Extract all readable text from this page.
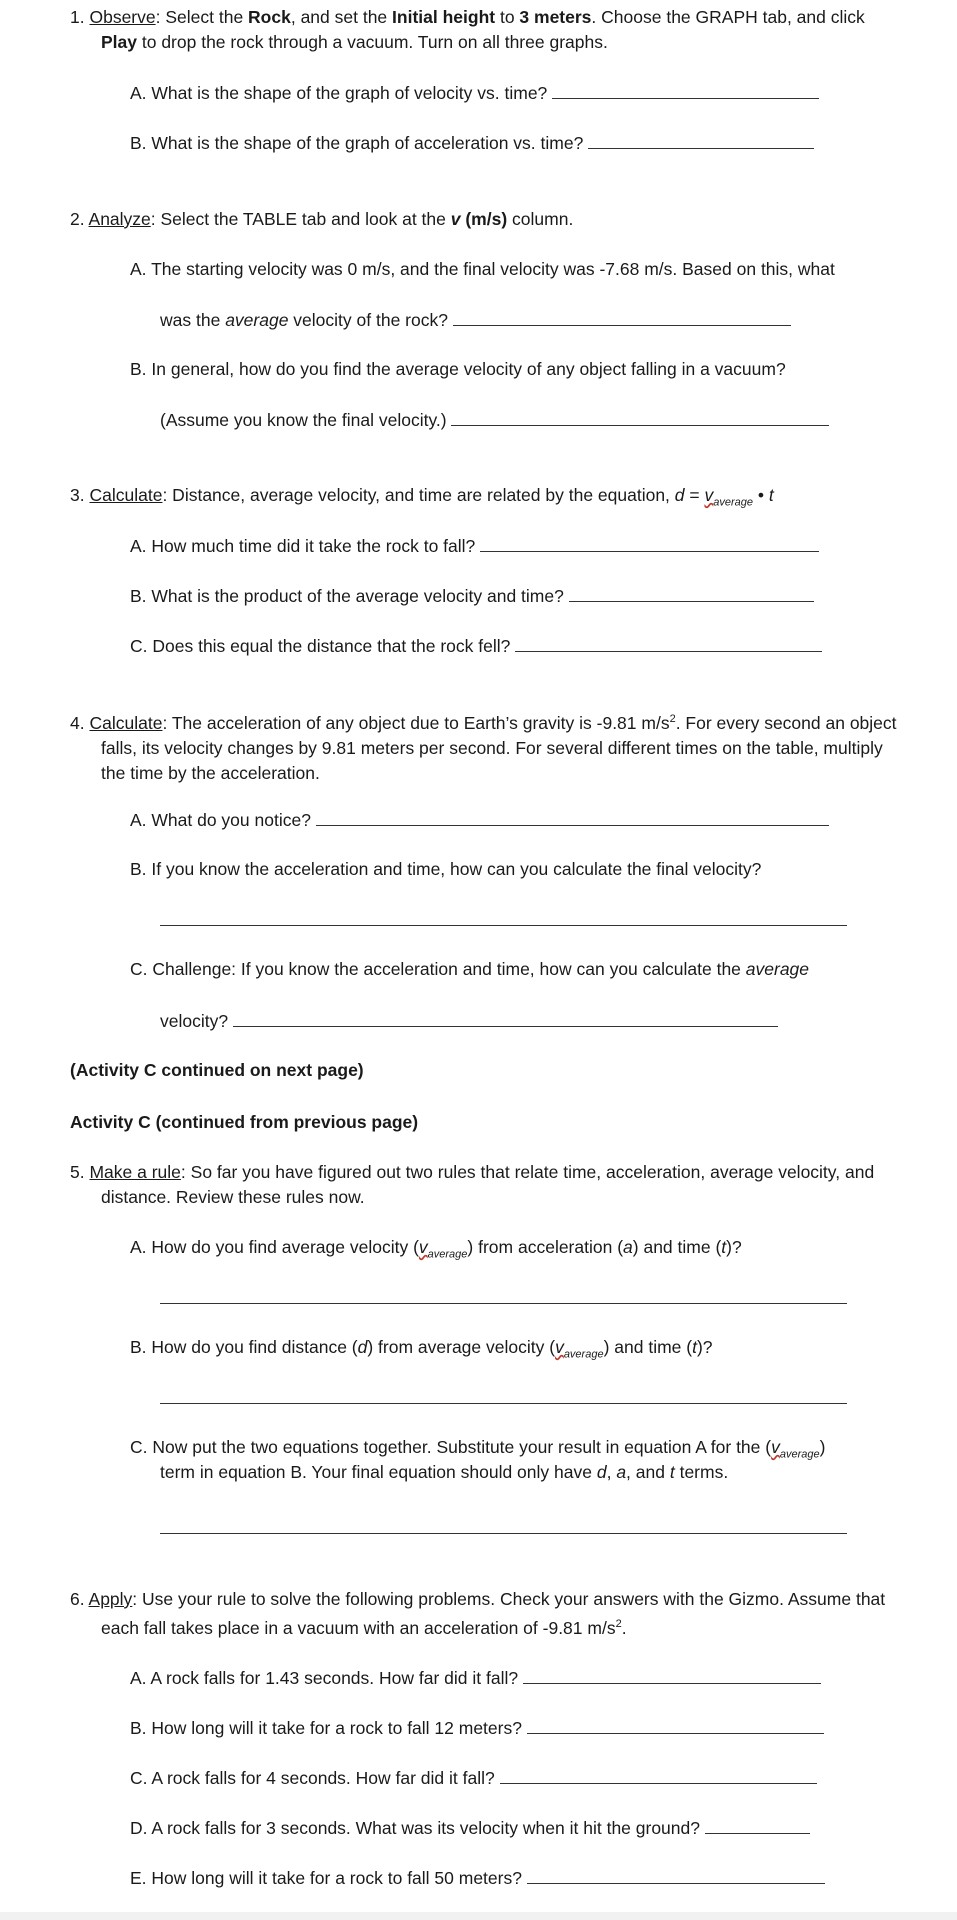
1. Observe: Select the Rock, and set the Initial height to 3 meters. Choose the GRAPH tab, and click Play to drop the rock through a vacuum. Turn on all three graphs.
A. What is the shape of the graph of velocity vs. time?
B. What is the shape of the graph of acceleration vs. time?
2. Analyze: Select the TABLE tab and look at the v (m/s) column.
A. The starting velocity was 0 m/s, and the final velocity was -7.68 m/s. Based on this, what
was the average velocity of the rock?
B. In general, how do you find the average velocity of any object falling in a vacuum?
(Assume you know the final velocity.)
3. Calculate: Distance, average velocity, and time are related by the equation, $d = v_{average}$ • t
A. How much time did it take the rock to fall?
B. What is the product of the average velocity and time?
C. Does this equal the distance that the rock fell?
4. Calculate: The acceleration of any object due to Earth’s gravity is -9.81 $m/s^2$. For every second an object falls, its velocity changes by 9.81 meters per second. For several different times on the table, multiply the time by the acceleration.
A. What do you notice?
B. If you know the acceleration and time, how can you calculate the final velocity?
C. Challenge: If you know the acceleration and time, how can you calculate the average
velocity?
(Activity C continued on next page)
Activity C (continued from previous page)
5. Make a rule: So far you have figured out two rules that relate time, acceleration, average velocity, and distance. Review these rules now.
A. How do you find average velocity $(v_{average})$ from acceleration (a) and time (t)?
B. How do you find distance (d) from average velocity $(v_{average})$ and time (t)?
C. Now put the two equations together. Substitute your result in equation A for the $(v_{average})$
term in equation B. Your final equation should only have d, a, and t terms.
6. Apply: Use your rule to solve the following problems. Check your answers with the Gizmo. Assume that each fall takes place in a vacuum with an acceleration of -9.81 $m/s^2$.
A. A rock falls for 1.43 seconds. How far did it fall?
B. How long will it take for a rock to fall 12 meters?
C. A rock falls for 4 seconds. How far did it fall?
D. A rock falls for 3 seconds. What was its velocity when it hit the ground?
E. How long will it take for a rock to fall 50 meters?
